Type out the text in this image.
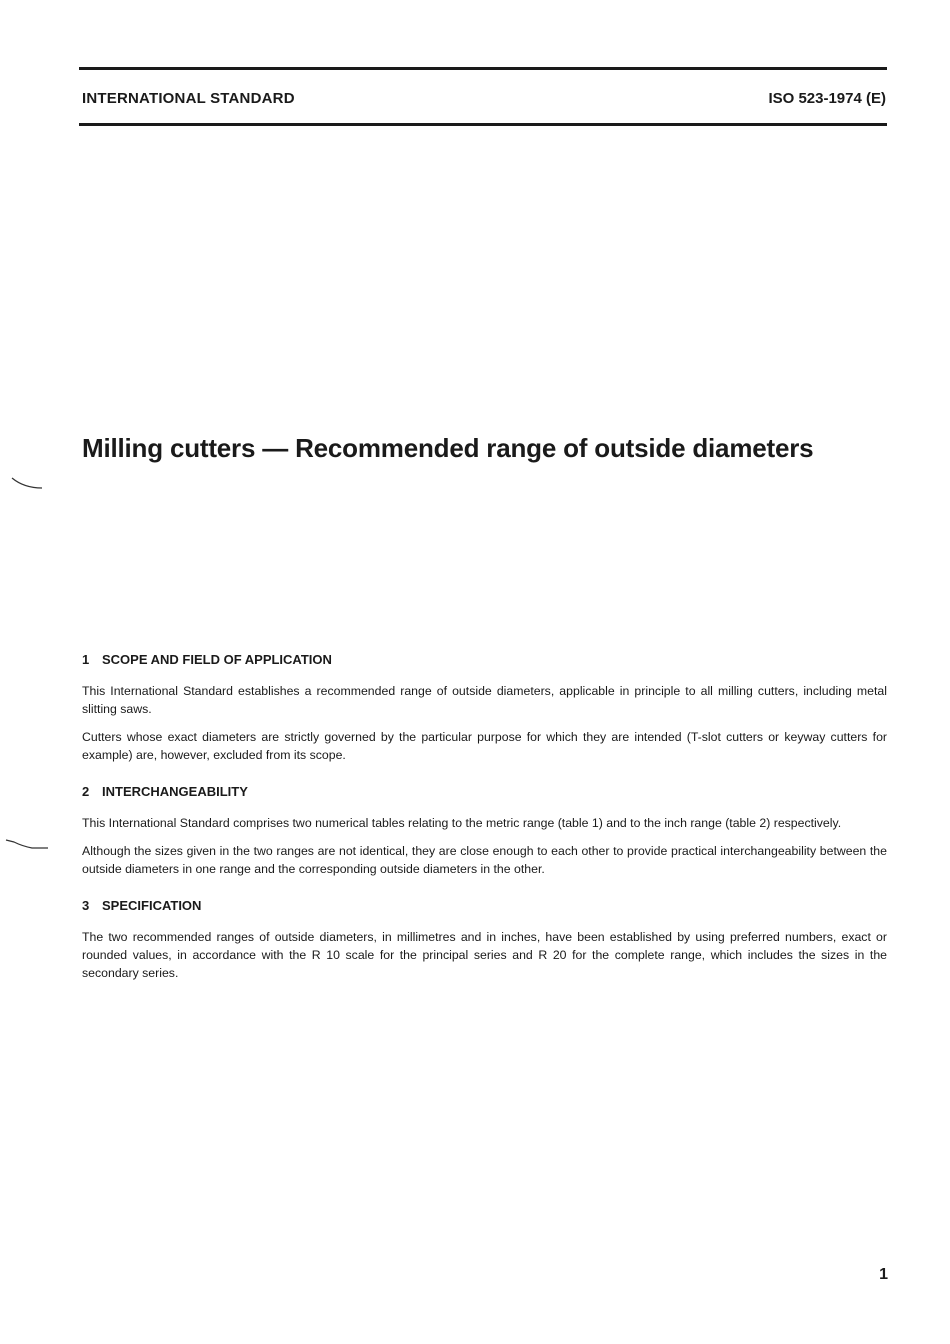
INTERNATIONAL STANDARD	ISO 523-1974 (E)
Milling cutters — Recommended range of outside diameters
1 SCOPE AND FIELD OF APPLICATION

This International Standard establishes a recommended range of outside diameters, applicable in principle to all milling cutters, including metal slitting saws.

Cutters whose exact diameters are strictly governed by the particular purpose for which they are intended (T-slot cutters or keyway cutters for example) are, however, excluded from its scope.

2 INTERCHANGEABILITY

This International Standard comprises two numerical tables relating to the metric range (table 1) and to the inch range (table 2) respectively.

Although the sizes given in the two ranges are not identical, they are close enough to each other to provide practical interchangeability between the outside diameters in one range and the corresponding outside diameters in the other.

3 SPECIFICATION

The two recommended ranges of outside diameters, in millimetres and in inches, have been established by using preferred numbers, exact or rounded values, in accordance with the R 10 scale for the principal series and R 20 for the complete range, which includes the sizes in the secondary series.

1
